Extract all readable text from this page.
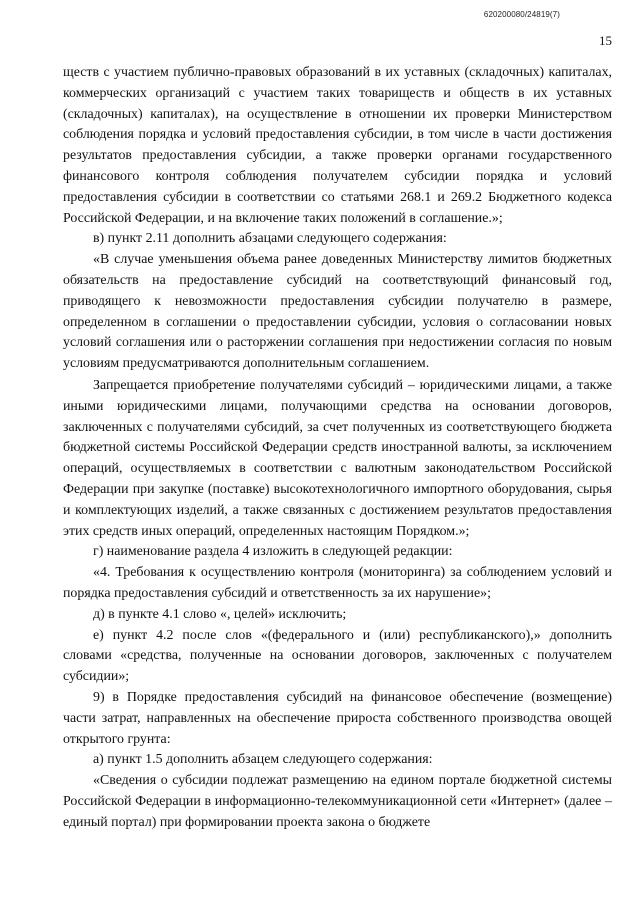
620200080/24819(7)
15

ществ с участием публично-правовых образований в их уставных (складочных) капиталах, коммерческих организаций с участием таких товариществ и обществ в их уставных (складочных) капиталах), на осуществление в отношении их проверки Министерством соблюдения порядка и условий предоставления субсидии, в том числе в части достижения результатов предоставления субсидии, а также проверки органами государственного финансового контроля соблюдения получателем субсидии порядка и условий предоставления субсидии в соответствии со статьями 268.1 и 269.2 Бюджетного кодекса Российской Федерации, и на включение таких положений в соглашение.»;

в) пункт 2.11 дополнить абзацами следующего содержания:

«В случае уменьшения объема ранее доведенных Министерству лимитов бюджетных обязательств на предоставление субсидий на соответствующий финансовый год, приводящего к невозможности предоставления субсидии получателю в размере, определенном в соглашении о предоставлении субсидии, условия о согласовании новых условий соглашения или о расторжении соглашения при недостижении согласия по новым условиям предусматриваются дополнительным соглашением.

Запрещается приобретение получателями субсидий – юридическими лицами, а также иными юридическими лицами, получающими средства на основании договоров, заключенных с получателями субсидий, за счет полученных из соответствующего бюджета бюджетной системы Российской Федерации средств иностранной валюты, за исключением операций, осуществляемых в соответствии с валютным законодательством Российской Федерации при закупке (поставке) высокотехнологичного импортного оборудования, сырья и комплектующих изделий, а также связанных с достижением результатов предоставления этих средств иных операций, определенных настоящим Порядком.»;

г) наименование раздела 4 изложить в следующей редакции:

«4. Требования к осуществлению контроля (мониторинга) за соблюдением условий и порядка предоставления субсидий и ответственность за их нарушение»;

д) в пункте 4.1 слово «, целей» исключить;

е) пункт 4.2 после слов «(федерального и (или) республиканского),» дополнить словами «средства, полученные на основании договоров, заключенных с получателем субсидии»;

9) в Порядке предоставления субсидий на финансовое обеспечение (возмещение) части затрат, направленных на обеспечение прироста собственного производства овощей открытого грунта:

а) пункт 1.5 дополнить абзацем следующего содержания:

«Сведения о субсидии подлежат размещению на едином портале бюджетной системы Российской Федерации в информационно-телекоммуникационной сети «Интернет» (далее – единый портал) при формировании проекта закона о бюджете
